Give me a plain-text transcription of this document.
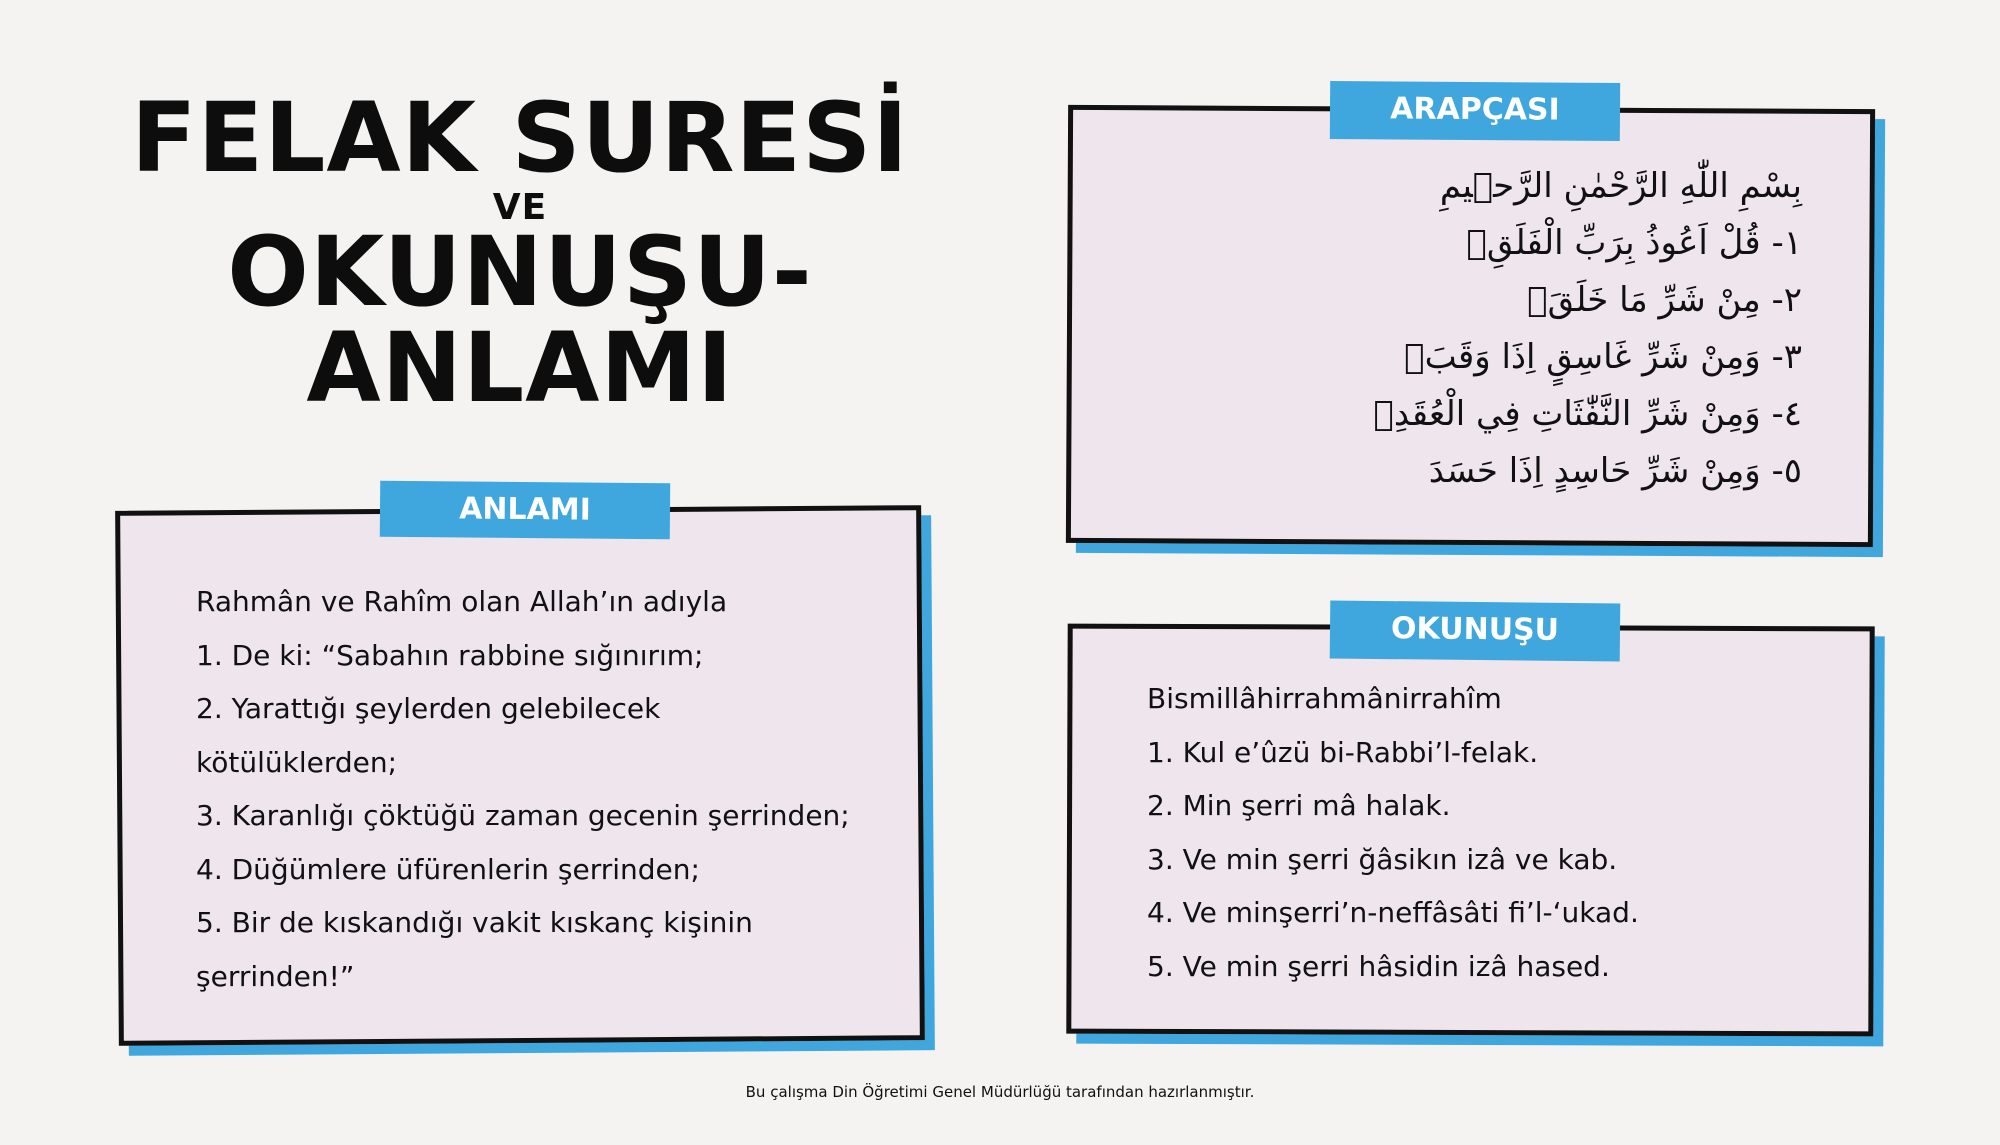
FELAK SURESİ
VE
OKUNUŞU-ANLAMI
ANLAMI
Rahmân ve Rahîm olan Allah’ın adıyla
1. De ki: “Sabahın rabbine sığınırım;
2. Yarattığı şeylerden gelebilecek
kötülüklerden;
3. Karanlığı çöktüğü zaman gecenin şerrinden;
4. Düğümlere üfürenlerin şerrinden;
5. Bir de kıskandığı vakit kıskanç kişinin
şerrinden!”
ARAPÇASI
بِسْمِ اللّٰهِ الرَّحْمٰنِ الرَّح۪يمِ
١- قُلْ اَعُوذُ بِرَبِّ الْفَلَقِۙ
٢- مِنْ شَرِّ مَا خَلَقَۙ
٣- وَمِنْ شَرِّ غَاسِقٍ اِذَا وَقَبَۙ
٤- وَمِنْ شَرِّ النَّفّٰثَاتِ فِي الْعُقَدِۙ
٥- وَمِنْ شَرِّ حَاسِدٍ اِذَا حَسَدَ
OKUNUŞU
Bismillâhirrahmânirrahîm
1. Kul e’ûzü bi-Rabbi’l-felak.
2. Min şerri mâ halak.
3. Ve min şerri ğâsikın izâ ve kab.
4. Ve minşerri’n-neffâsâti fi’l-‘ukad.
5. Ve min şerri hâsidin izâ hased.
Bu çalışma Din Öğretimi Genel Müdürlüğü tarafından hazırlanmıştır.
